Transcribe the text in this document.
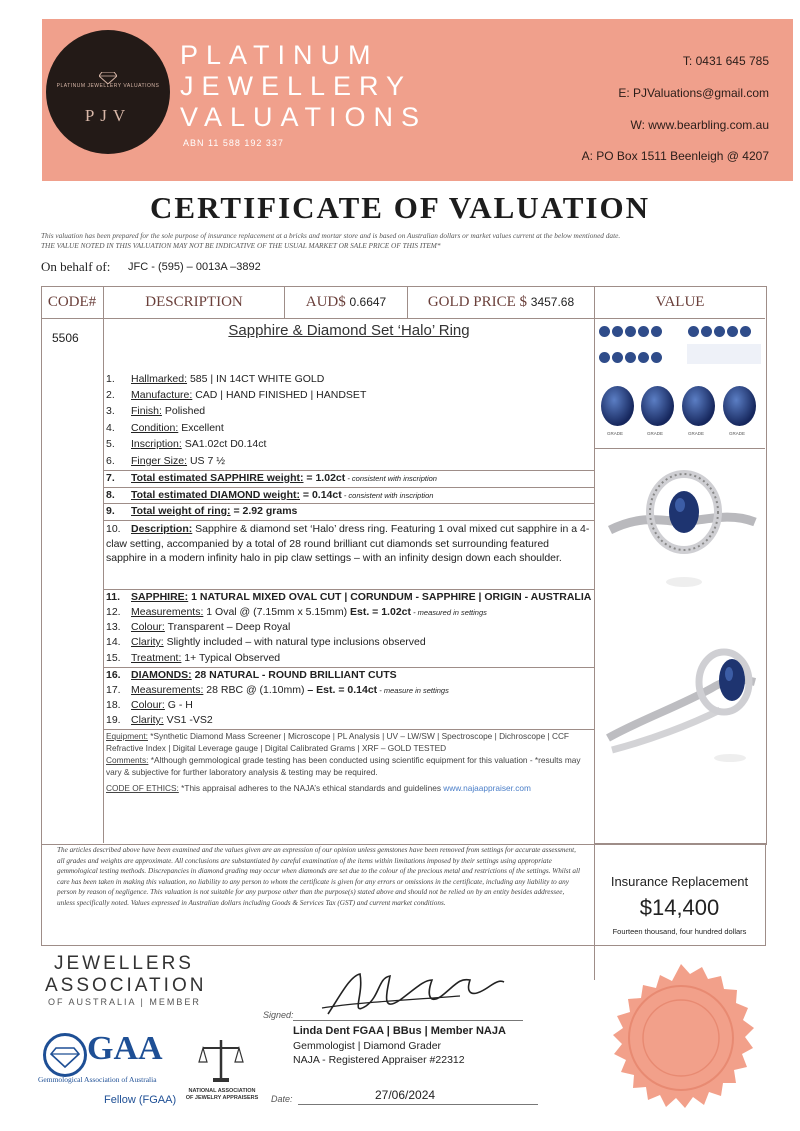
PLATINUM JEWELLERY VALUATIONS
PJV
PLATINUM
JEWELLERY
VALUATIONS
ABN 11 588 192 337
T: 0431 645 785
E: PJValuations@gmail.com
W: www.bearbling.com.au
A: PO Box 1511 Beenleigh @ 4207
CERTIFICATE OF VALUATION
This valuation has been prepared for the sole purpose of insurance replacement at a bricks and mortar store and is based on Australian dollars or market values current at the below mentioned date.
THE VALUE NOTED IN THIS VALUATION MAY NOT BE INDICATIVE OF THE USUAL MARKET OR SALE PRICE OF THIS ITEM*
On behalf of: JFC - (595) – 0013A –3892
CODE#	DESCRIPTION	AUD$ 0.6647	GOLD PRICE $ 3457.68	VALUE
5506	Sapphire & Diamond Set ‘Halo’ Ring
1. Hallmarked: 585 | IN 14CT WHITE GOLD
2. Manufacture: CAD | HAND FINISHED | HANDSET
3. Finish: Polished
4. Condition: Excellent
5. Inscription: SA1.02ct D0.14ct
6. Finger Size: US 7 ½
7. Total estimated SAPPHIRE weight: = 1.02ct - consistent with inscription
8. Total estimated DIAMOND weight: = 0.14ct - consistent with inscription
9. Total weight of ring: = 2.92 grams
10. Description: Sapphire & diamond set ‘Halo’ dress ring. Featuring 1 oval mixed cut sapphire in a 4-claw setting, accompanied by a total of 28 round brilliant cut diamonds set surrounding featured sapphire in a modern infinity halo in pip claw settings – with an infinity design down each shoulder.
11. SAPPHIRE: 1 NATURAL MIXED OVAL CUT | CORUNDUM - SAPPHIRE | ORIGIN - AUSTRALIA
12. Measurements: 1 Oval @ (7.15mm x 5.15mm) Est. = 1.02ct - measured in settings
13. Colour: Transparent – Deep Royal
14. Clarity: Slightly included – with natural type inclusions observed
15. Treatment: 1+ Typical Observed
16. DIAMONDS: 28 NATURAL - ROUND BRILLIANT CUTS
17. Measurements: 28 RBC @ (1.10mm) – Est. = 0.14ct - measure in settings
18. Colour: G - H
19. Clarity: VS1 -VS2
Equipment: *Synthetic Diamond Mass Screener | Microscope | PL Analysis | UV – LW/SW | Spectroscope | Dichroscope | CCF Refractive Index | Digital Leverage gauge | Digital Calibrated Grams | XRF – GOLD TESTED
Comments: *Although gemmological grade testing has been conducted using scientific equipment for this valuation - *results may vary & subjective for further laboratory analysis & testing may be required.
CODE OF ETHICS: *This appraisal adheres to the NAJA’s ethical standards and guidelines www.najaappraiser.com
GRADE	GRADE	GRADE	GRADE
The articles described above have been examined and the values given are an expression of our opinion unless gemstones have been removed from settings for accurate assessment, all grades and weights are approximate. All conclusions are substantiated by careful examination of the items within limitations imposed by their settings using appropriate gemmological testing methods. Discrepancies in diamond grading may occur when diamonds are set due to the colour of the precious metal and restrictions of the settings. Whilst all care has been taken in making this valuation, no liability to any person to whom the certificate is given for any errors or omissions in the certificate, including any liability to any person by reason of negligence. This valuation is not suitable for any purpose other than the purpose(s) stated above and should not be relied on by an entity besides addressee, unless specifically noted. Values expressed in Australian dollars including Goods & Services Tax (GST) and current market conditions.
Insurance Replacement
$14,400
Fourteen thousand, four hundred dollars
JEWELLERS
ASSOCIATION
OF AUSTRALIA | MEMBER
GAA
Gemmological Association of Australia
Fellow (FGAA)
NATIONAL ASSOCIATION OF JEWELRY APPRAISERS
Signed:
Linda Dent FGAA | BBus | Member NAJA
Gemmologist | Diamond Grader
NAJA - Registered Appraiser #22312
Date:	27/06/2024
